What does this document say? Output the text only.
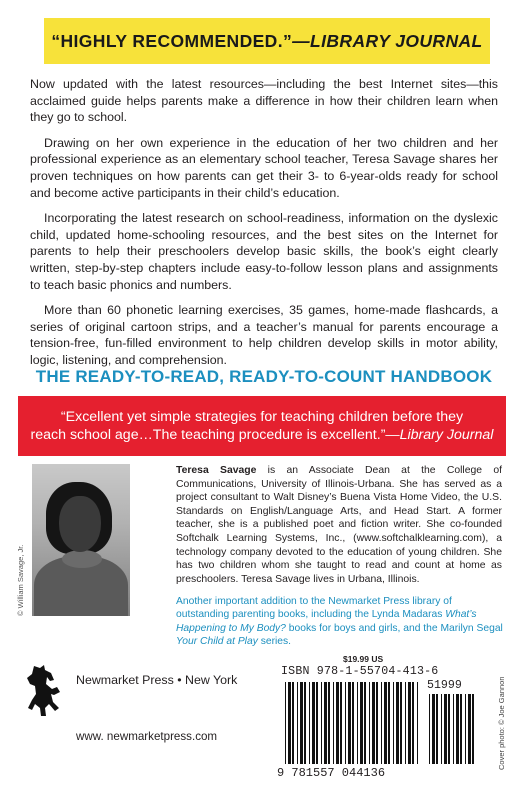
“HIGHLY RECOMMENDED.” —LIBRARY JOURNAL

Now updated with the latest resources—including the best Internet sites—this acclaimed guide helps parents make a difference in how their children learn when they go to school.

Drawing on her own experience in the education of her two children and her professional experience as an elementary school teacher, Teresa Savage shares her proven techniques on how parents can get their 3- to 6-year-olds ready for school and become active participants in their child’s education.

Incorporating the latest research on school-readiness, information on the dyslexic child, updated home-schooling resources, and the best sites on the Internet for parents to help their preschoolers develop basic skills, the book’s eight clearly written, step-by-step chapters include easy-to-follow lesson plans and assignments to teach basic phonics and numbers.

More than 60 phonetic learning exercises, 35 games, home-made flashcards, a series of original cartoon strips, and a teacher’s manual for parents encourage a tension-free, fun-filled environment to help children develop skills in motor ability, logic, listening, and comprehension.

THE READY-TO-READ, READY-TO-COUNT HANDBOOK
“Excellent yet simple strategies for teaching children before they
reach school age…The teaching procedure is excellent.”—Library Journal
© William Savage, Jr.
Teresa Savage is an Associate Dean at the College of Communications, University of Illinois-Urbana. She has served as a project consultant to Walt Disney’s Buena Vista Home Video, the U.S. Standards on English/Language Arts, and Head Start. A former teacher, she is a published poet and fiction writer. She co-founded Softchalk Learning Systems, Inc., (www.softchalklearning.com), a technology company devoted to the education of young children. She has two children whom she taught to read and count at home as preschoolers. Teresa Savage lives in Urbana, Illinois.
Another important addition to the Newmarket Press library of outstanding parenting books, including the Lynda Madaras What’s Happening to My Body? books for boys and girls, and the Marilyn Segal Your Child at Play series.
Newmarket Press • New York
www. newmarketpress.com
$19.99 US
ISBN 978-1-55704-413-6
51999
9 781557 044136
Cover photo: © Joe Gannon
